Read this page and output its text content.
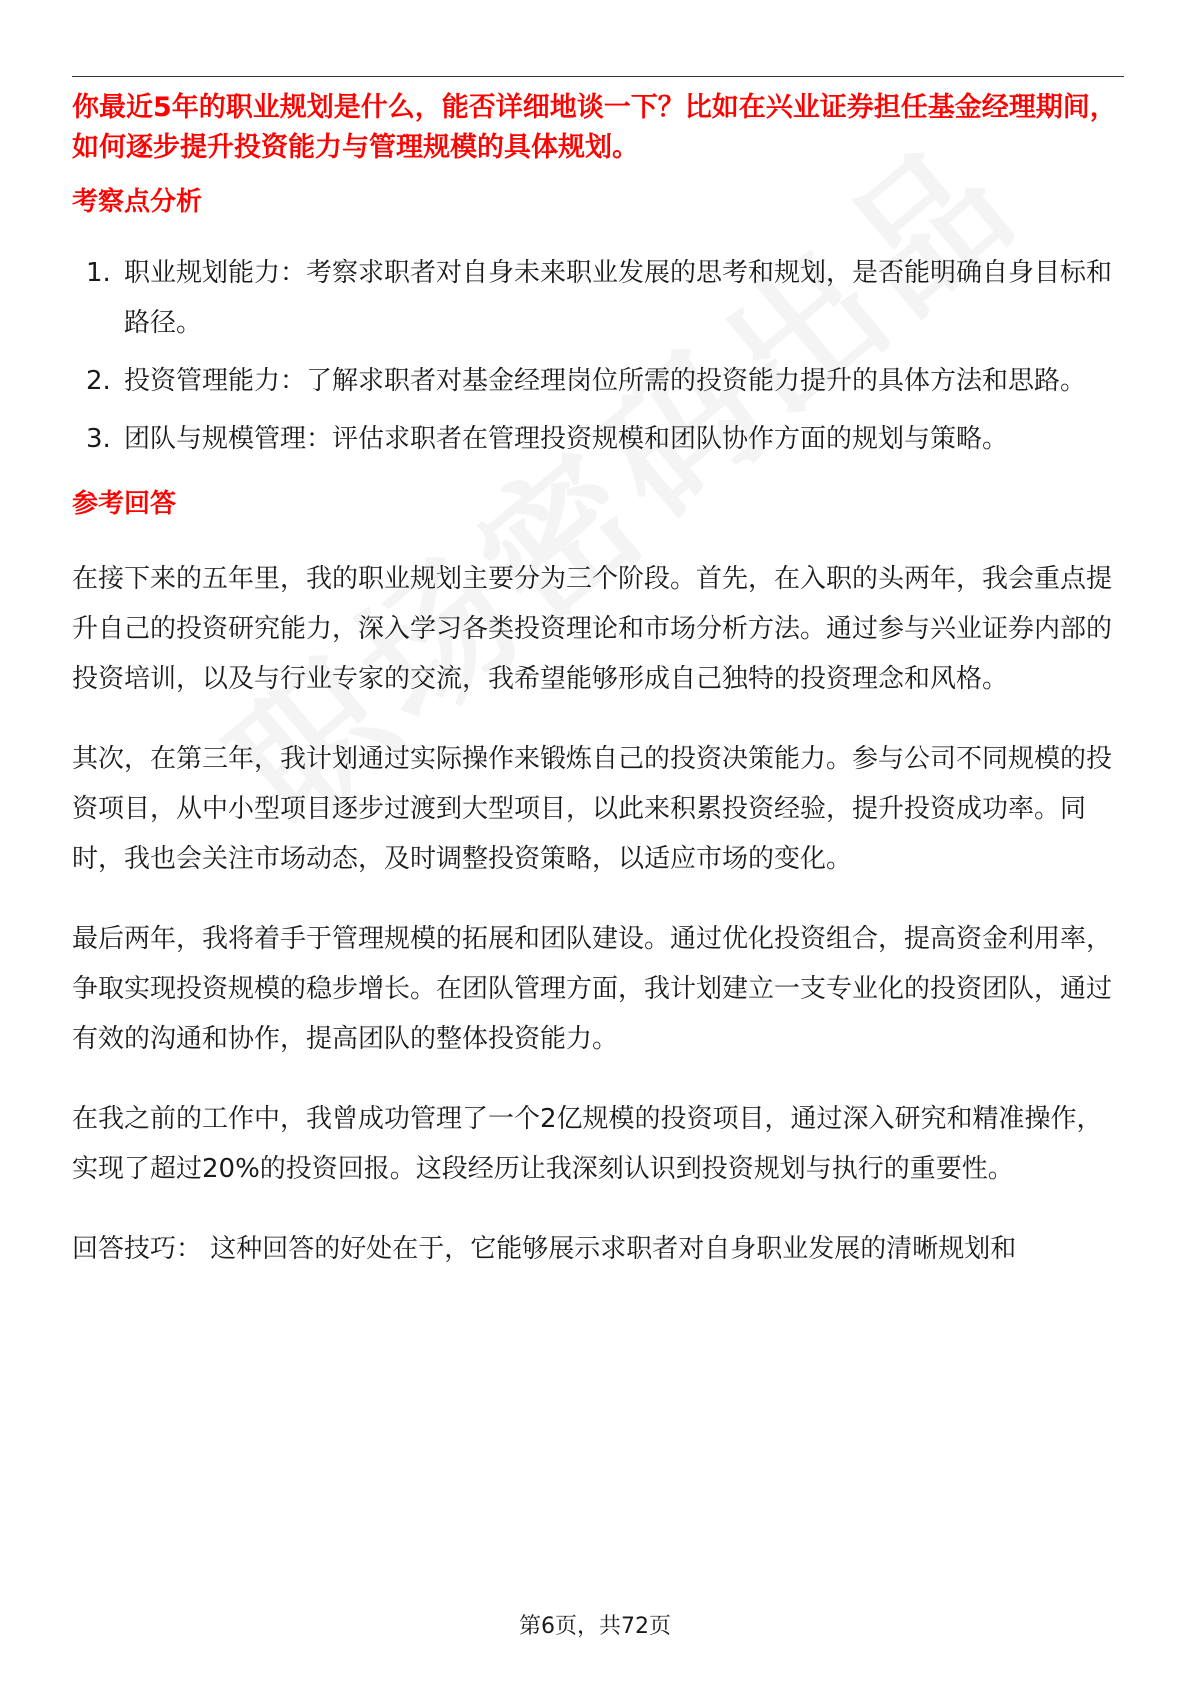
你最近5年的职业规划是什么，能否详细地谈一下？比如在兴业证券担任基金经理期间，如何逐步提升投资能力与管理规模的具体规划。

考察点分析
1. 职业规划能力：考察求职者对自身未来职业发展的思考和规划，是否能明确自身目标和路径。
2. 投资管理能力：了解求职者对基金经理岗位所需的投资能力提升的具体方法和思路。
3. 团队与规模管理：评估求职者在管理投资规模和团队协作方面的规划与策略。
参考回答

在接下来的五年里，我的职业规划主要分为三个阶段。首先，在入职的头两年，我会重点提升自己的投资研究能力，深入学习各类投资理论和市场分析方法。通过参与兴业证券内部的投资培训，以及与行业专家的交流，我希望能够形成自己独特的投资理念和风格。

其次，在第三年，我计划通过实际操作来锻炼自己的投资决策能力。参与公司不同规模的投资项目，从中小型项目逐步过渡到大型项目，以此来积累投资经验，提升投资成功率。同时，我也会关注市场动态，及时调整投资策略，以适应市场的变化。

最后两年，我将着手于管理规模的拓展和团队建设。通过优化投资组合，提高资金利用率，争取实现投资规模的稳步增长。在团队管理方面，我计划建立一支专业化的投资团队，通过有效的沟通和协作，提高团队的整体投资能力。

在我之前的工作中，我曾成功管理了一个2亿规模的投资项目，通过深入研究和精准操作，实现了超过20%的投资回报。这段经历让我深刻认识到投资规划与执行的重要性。

回答技巧： 这种回答的好处在于，它能够展示求职者对自身职业发展的清晰规划和

第6页，共72页
